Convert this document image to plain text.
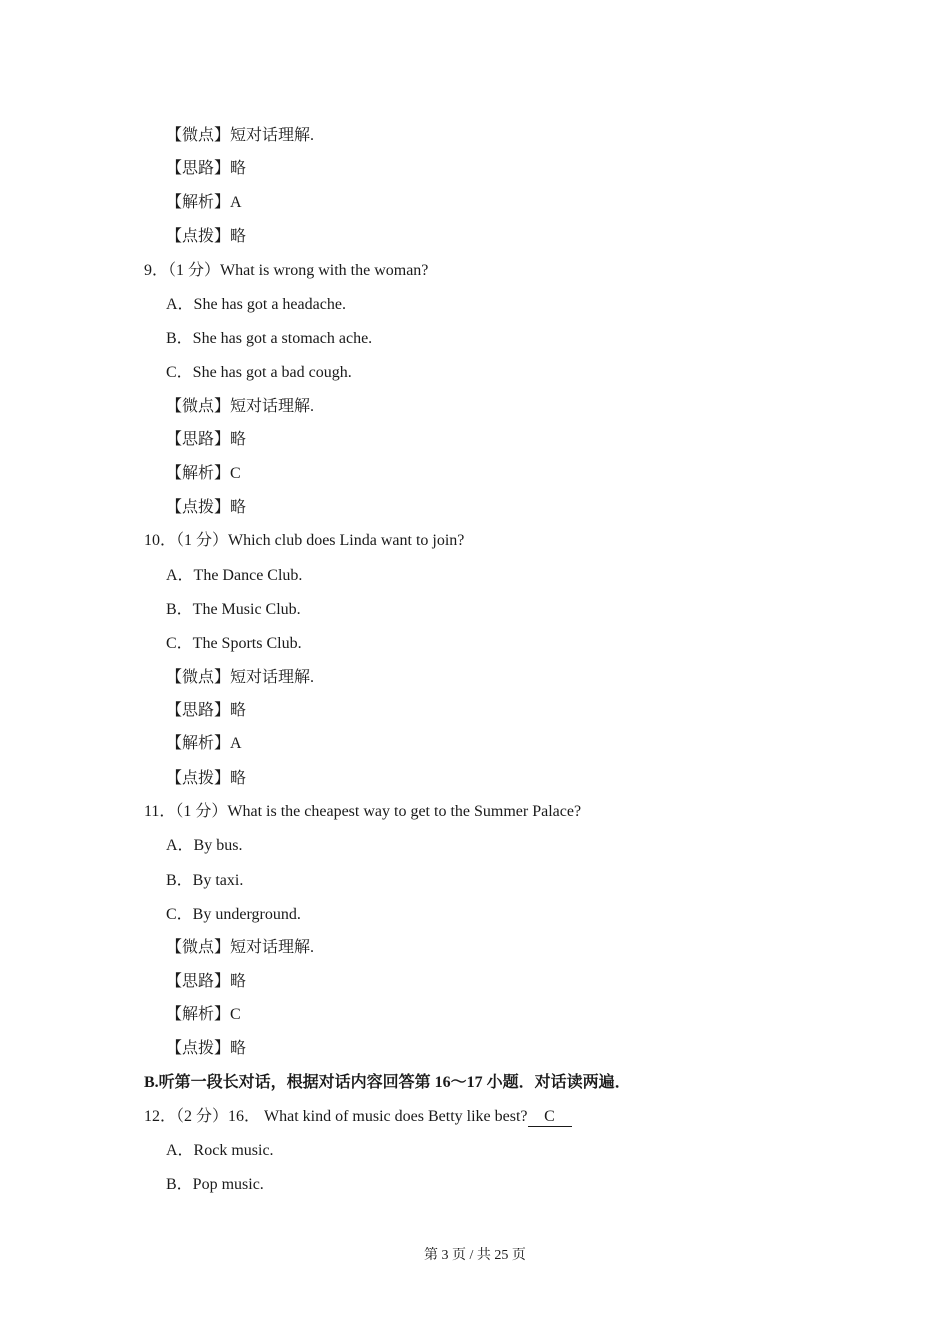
【微点】短对话理解.
【思路】略
【解析】A
【点拨】略
9．（1 分）What is wrong with the woman?
A．She has got a headache.
B．She has got a stomach ache.
C．She has got a bad cough.
【微点】短对话理解.
【思路】略
【解析】C
【点拨】略
10．（1 分）Which club does Linda want to join?
A．The Dance Club.
B．The Music Club.
C．The Sports Club.
【微点】短对话理解.
【思路】略
【解析】A
【点拨】略
11．（1 分）What is the cheapest way to get to the Summer Palace?
A．By bus.
B．By taxi.
C．By underground.
【微点】短对话理解.
【思路】略
【解析】C
【点拨】略
B.听第一段长对话，根据对话内容回答第 16～17 小题．对话读两遍．
12．（2 分）16． What kind of music does Betty like best? C
A．Rock music.
B．Pop music.
第 3 页 / 共 25 页
